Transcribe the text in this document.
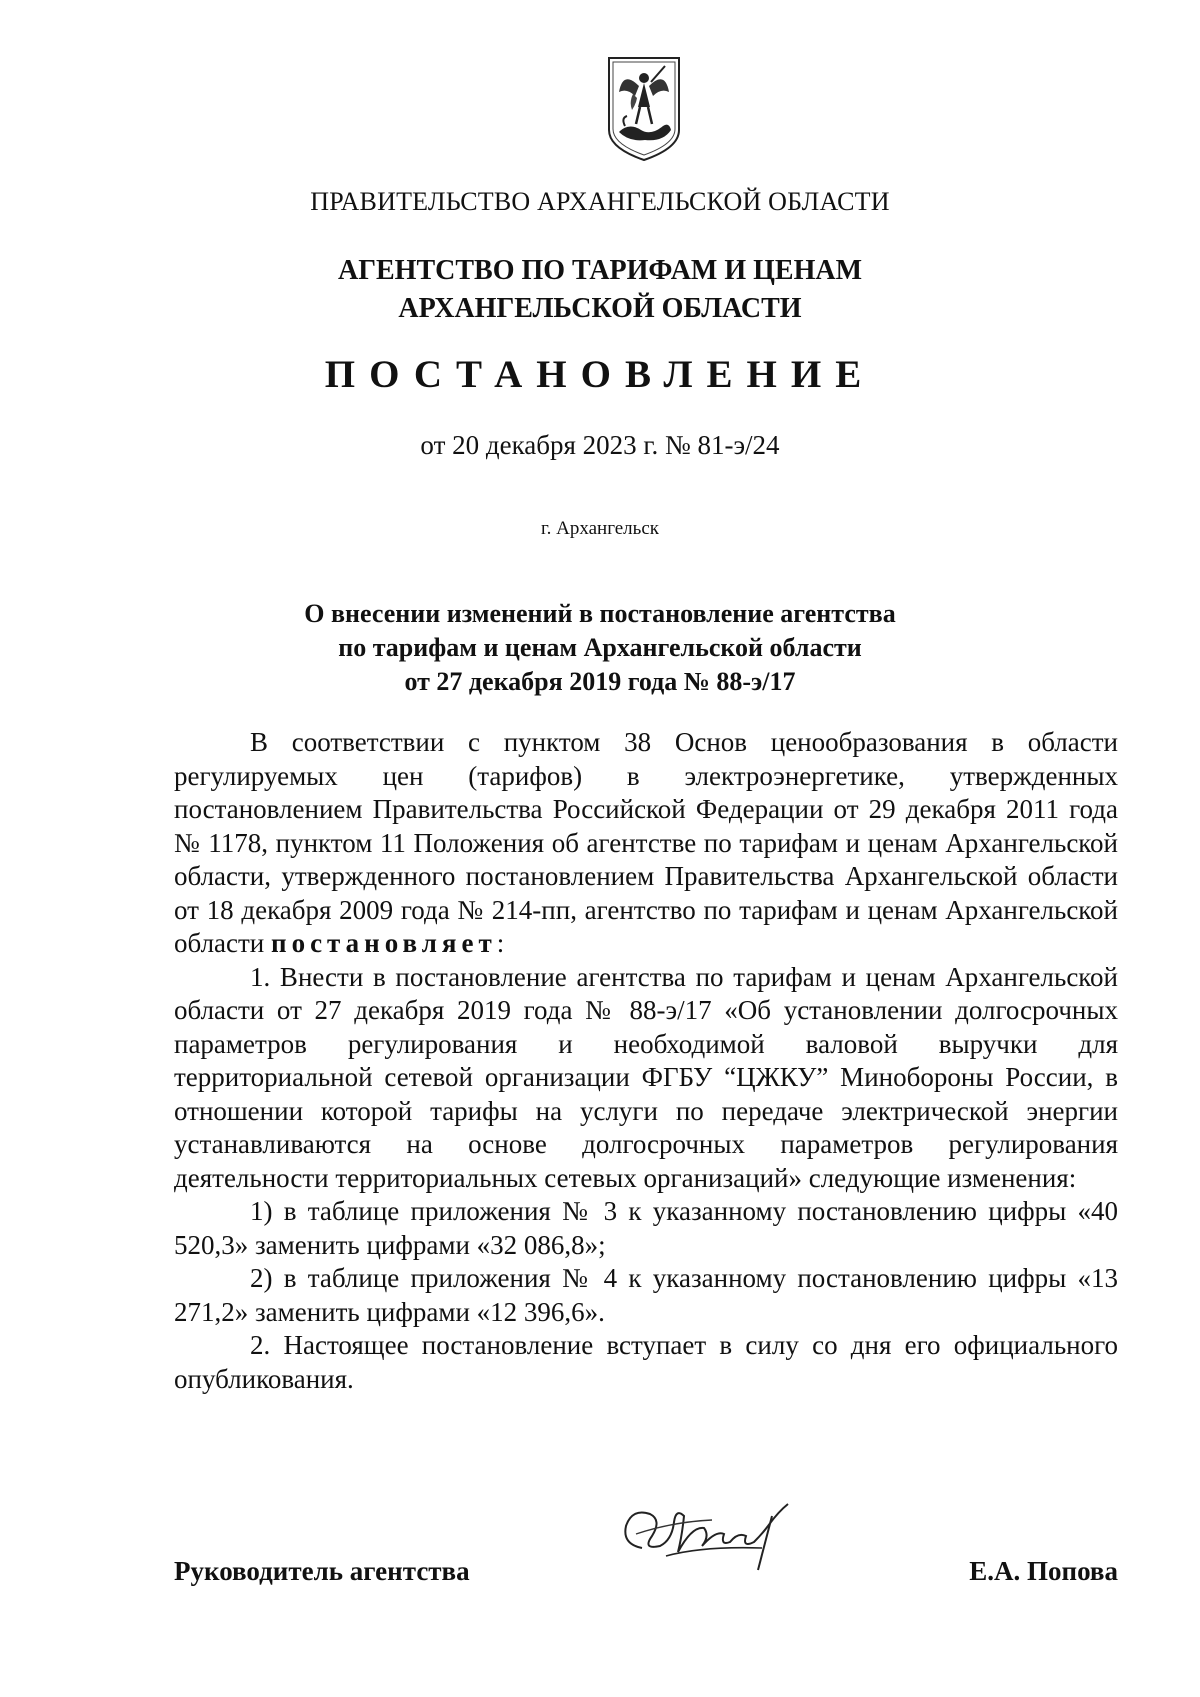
ПРАВИТЕЛЬСТВО АРХАНГЕЛЬСКОЙ ОБЛАСТИ
АГЕНТСТВО ПО ТАРИФАМ И ЦЕНАМ
АРХАНГЕЛЬСКОЙ ОБЛАСТИ
ПОСТАНОВЛЕНИЕ
от 20 декабря 2023 г. № 81-э/24
г. Архангельск
О внесении изменений в постановление агентства
по тарифам и ценам Архангельской области
от 27 декабря 2019 года № 88-э/17

В соответствии с пунктом 38 Основ ценообразования в области регулируемых цен (тарифов) в электроэнергетике, утвержденных постановлением Правительства Российской Федерации от 29 декабря 2011 года № 1178, пунктом 11 Положения об агентстве по тарифам и ценам Архангельской области, утвержденного постановлением Правительства Архангельской области от 18 декабря 2009 года № 214-пп, агентство по тарифам и ценам Архангельской области постановляет:

1. Внести в постановление агентства по тарифам и ценам Архангельской области от 27 декабря 2019 года № 88-э/17 «Об установлении долгосрочных параметров регулирования и необходимой валовой выручки для территориальной сетевой организации ФГБУ “ЦЖКУ” Минобороны России, в отношении которой тарифы на услуги по передаче электрической энергии устанавливаются на основе долгосрочных параметров регулирования деятельности территориальных сетевых организаций» следующие изменения:

1) в таблице приложения № 3 к указанному постановлению цифры «40 520,3» заменить цифрами «32 086,8»;

2) в таблице приложения № 4 к указанному постановлению цифры «13 271,2» заменить цифрами «12 396,6».

2. Настоящее постановление вступает в силу со дня его официального опубликования.

Руководитель агентства	Е.А. Попова
